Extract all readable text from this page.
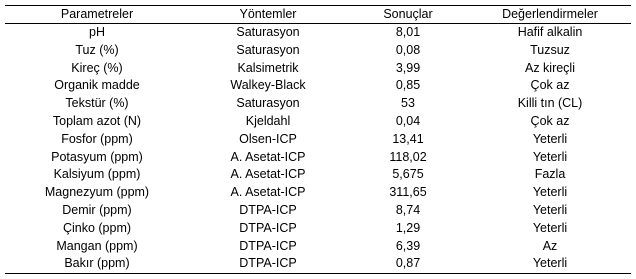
Parametreler	Yöntemler	Sonuçlar	Değerlendirmeler
pH	Saturasyon	8,01	Hafif alkalin
Tuz (%)	Saturasyon	0,08	Tuzsuz
Kireç (%)	Kalsimetrik	3,99	Az kireçli
Organik madde	Walkey-Black	0,85	Çok az
Tekstür (%)	Saturasyon	53	Killi tın (CL)
Toplam azot (N)	Kjeldahl	0,04	Çok az
Fosfor (ppm)	Olsen-ICP	13,41	Yeterli
Potasyum (ppm)	A. Asetat-ICP	118,02	Yeterli
Kalsiyum (ppm)	A. Asetat-ICP	5,675	Fazla
Magnezyum (ppm)	A. Asetat-ICP	311,65	Yeterli
Demir (ppm)	DTPA-ICP	8,74	Yeterli
Çinko (ppm)	DTPA-ICP	1,29	Yeterli
Mangan (ppm)	DTPA-ICP	6,39	Az
Bakır (ppm)	DTPA-ICP	0,87	Yeterli
